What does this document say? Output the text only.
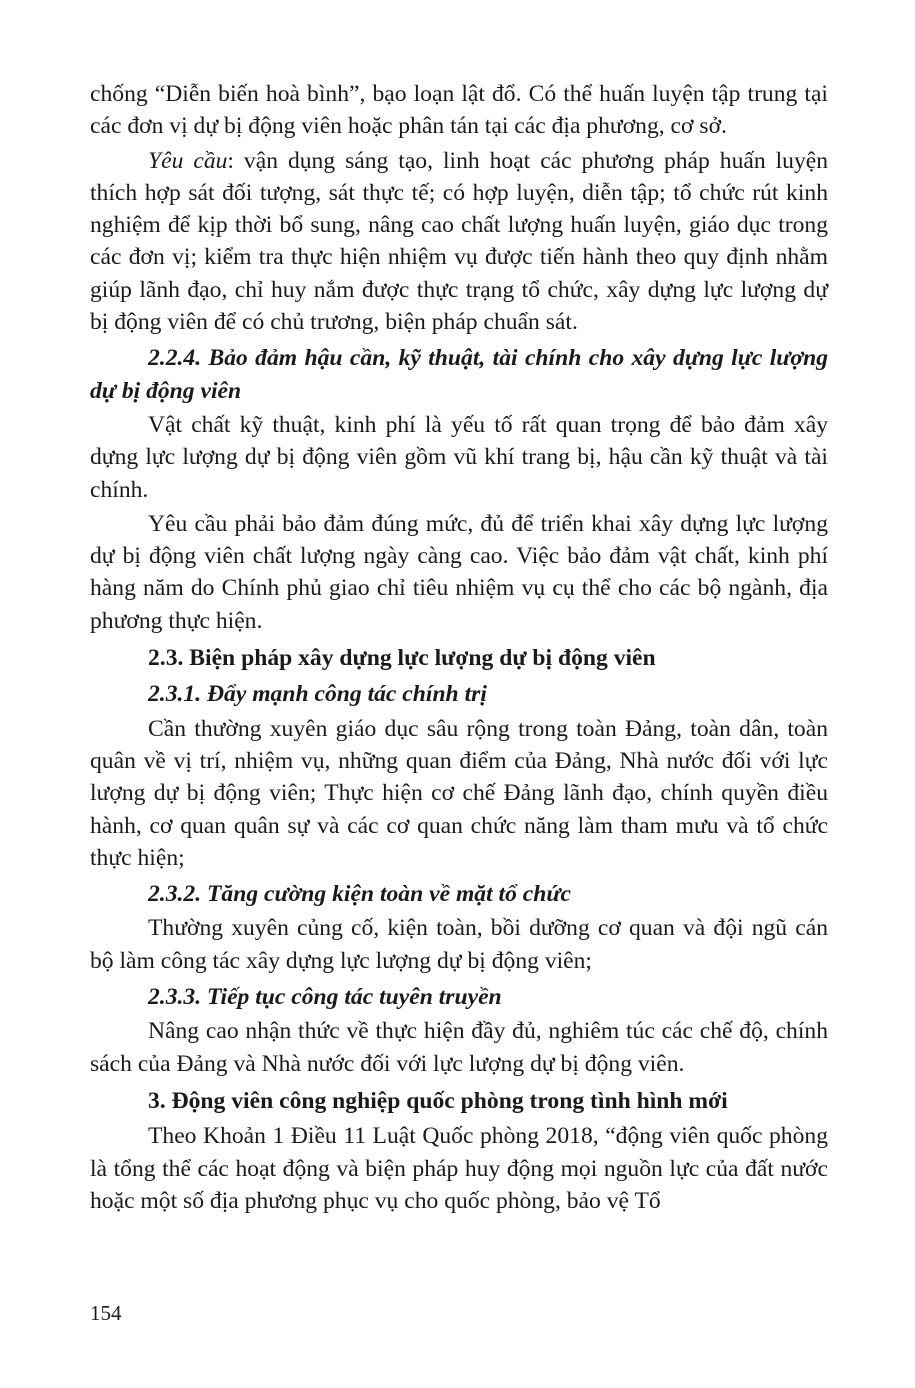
chống “Diễn biến hoà bình”, bạo loạn lật đổ. Có thể huấn luyện tập trung tại các đơn vị dự bị động viên hoặc phân tán tại các địa phương, cơ sở.

Yêu cầu: vận dụng sáng tạo, linh hoạt các phương pháp huấn luyện thích hợp sát đối tượng, sát thực tế; có hợp luyện, diễn tập; tổ chức rút kinh nghiệm để kịp thời bổ sung, nâng cao chất lượng huấn luyện, giáo dục trong các đơn vị; kiểm tra thực hiện nhiệm vụ được tiến hành theo quy định nhằm giúp lãnh đạo, chỉ huy nắm được thực trạng tổ chức, xây dựng lực lượng dự bị động viên để có chủ trương, biện pháp chuẩn sát.

2.2.4. Bảo đảm hậu cần, kỹ thuật, tài chính cho xây dựng lực lượng dự bị động viên

Vật chất kỹ thuật, kinh phí là yếu tố rất quan trọng để bảo đảm xây dựng lực lượng dự bị động viên gồm vũ khí trang bị, hậu cần kỹ thuật và tài chính.

Yêu cầu phải bảo đảm đúng mức, đủ để triển khai xây dựng lực lượng dự bị động viên chất lượng ngày càng cao. Việc bảo đảm vật chất, kinh phí hàng năm do Chính phủ giao chỉ tiêu nhiệm vụ cụ thể cho các bộ ngành, địa phương thực hiện.

2.3. Biện pháp xây dựng lực lượng dự bị động viên

2.3.1. Đẩy mạnh công tác chính trị

Cần thường xuyên giáo dục sâu rộng trong toàn Đảng, toàn dân, toàn quân về vị trí, nhiệm vụ, những quan điểm của Đảng, Nhà nước đối với lực lượng dự bị động viên; Thực hiện cơ chế Đảng lãnh đạo, chính quyền điều hành, cơ quan quân sự và các cơ quan chức năng làm tham mưu và tổ chức thực hiện;

2.3.2. Tăng cường kiện toàn về mặt tổ chức

Thường xuyên củng cố, kiện toàn, bồi dưỡng cơ quan và đội ngũ cán bộ làm công tác xây dựng lực lượng dự bị động viên;

2.3.3. Tiếp tục công tác tuyên truyền

Nâng cao nhận thức về thực hiện đầy đủ, nghiêm túc các chế độ, chính sách của Đảng và Nhà nước đối với lực lượng dự bị động viên.

3. Động viên công nghiệp quốc phòng trong tình hình mới

Theo Khoản 1 Điều 11 Luật Quốc phòng 2018, “động viên quốc phòng là tổng thể các hoạt động và biện pháp huy động mọi nguồn lực của đất nước hoặc một số địa phương phục vụ cho quốc phòng, bảo vệ Tổ

154
